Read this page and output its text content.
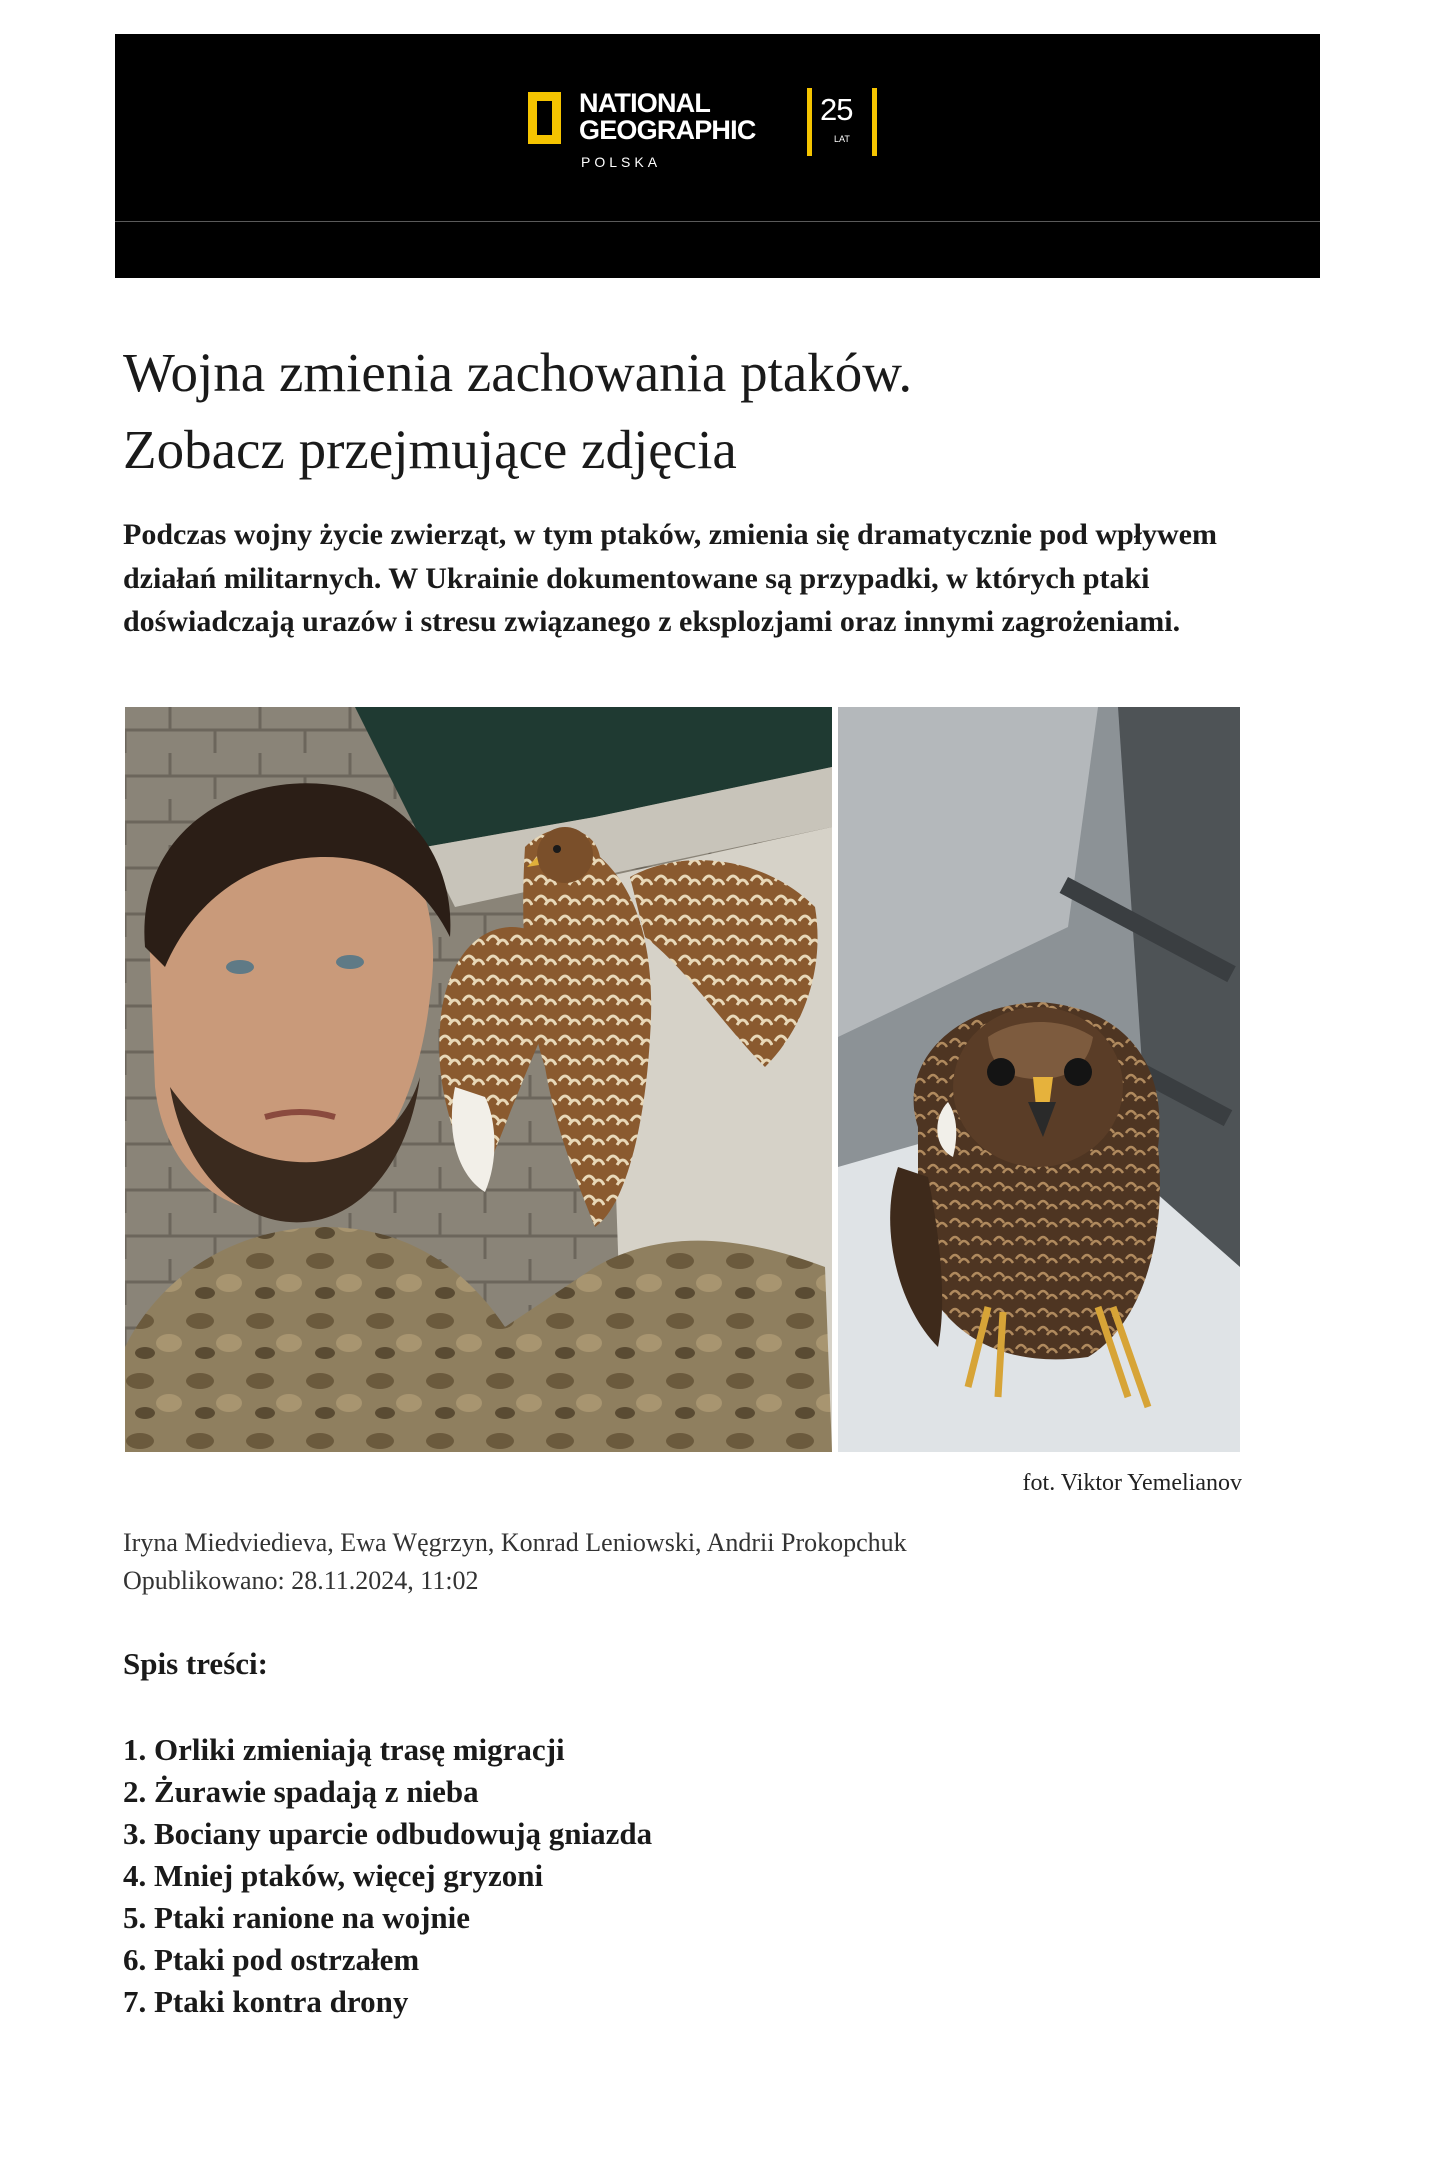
NATIONAL
GEOGRAPHIC
POLSKA
25
LAT
Wojna zmienia zachowania ptaków.
Zobacz przejmujące zdjęcia

Podczas wojny życie zwierząt, w tym ptaków, zmienia się dramatycznie pod wpływem działań militarnych. W Ukrainie dokumentowane są przypadki, w których ptaki doświadczają urazów i stresu związanego z eksplozjami oraz innymi zagrożeniami.

fot. Viktor Yemelianov
Iryna Miedviedieva, Ewa Węgrzyn, Konrad Leniowski, Andrii Prokopchuk
Opublikowano: 28.11.2024, 11:02
Spis treści:
1. Orliki zmieniają trasę migracji
2. Żurawie spadają z nieba
3. Bociany uparcie odbudowują gniazda
4. Mniej ptaków, więcej gryzoni
5. Ptaki ranione na wojnie
6. Ptaki pod ostrzałem
7. Ptaki kontra drony
